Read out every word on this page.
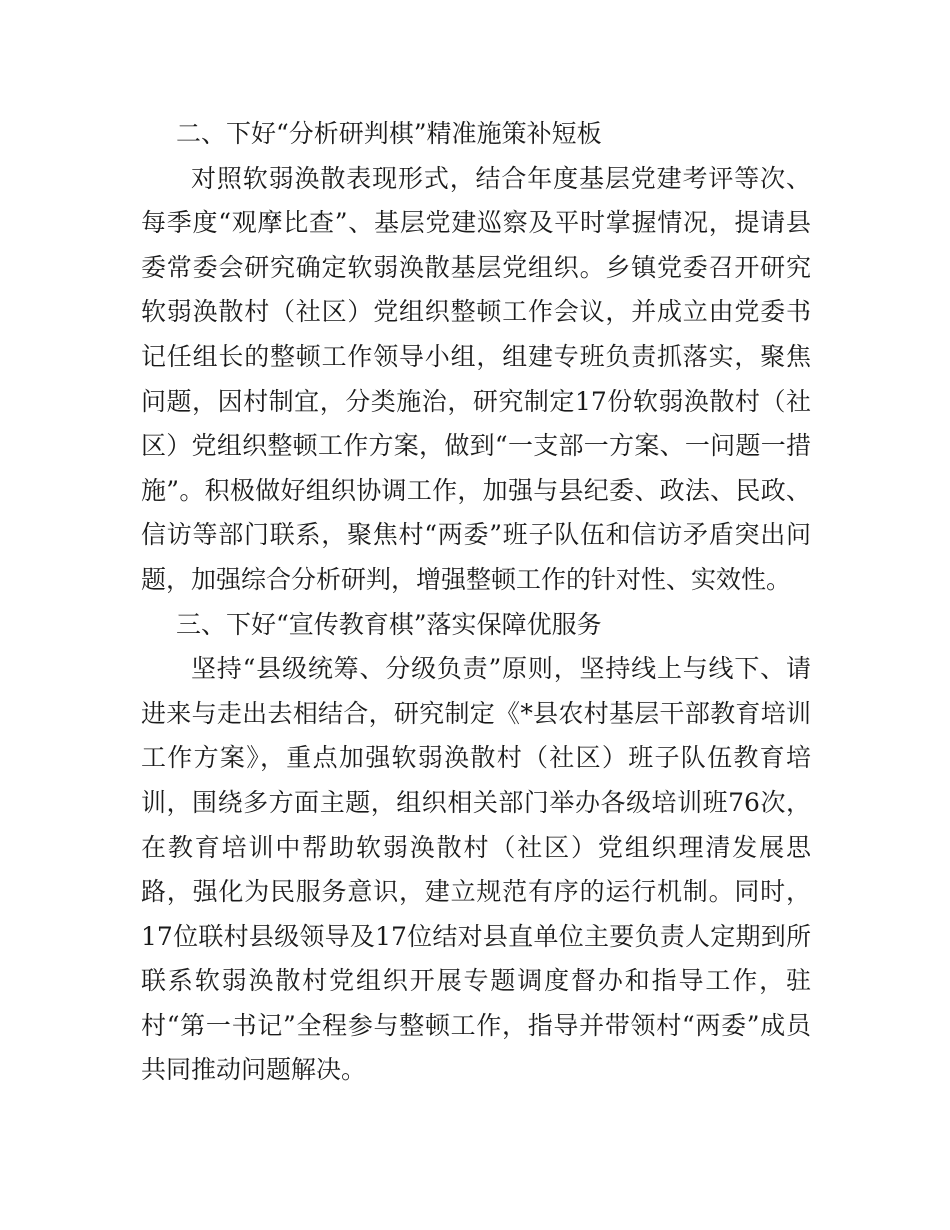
二、下好“分析研判棋”精准施策补短板

对照软弱涣散表现形式，结合年度基层党建考评等次、每季度“观摩比查”、基层党建巡察及平时掌握情况，提请县委常委会研究确定软弱涣散基层党组织。乡镇党委召开研究软弱涣散村（社区）党组织整顿工作会议，并成立由党委书记任组长的整顿工作领导小组，组建专班负责抓落实，聚焦问题，因村制宜，分类施治，研究制定17份软弱涣散村（社区）党组织整顿工作方案，做到“一支部一方案、一问题一措施”。积极做好组织协调工作，加强与县纪委、政法、民政、信访等部门联系，聚焦村“两委”班子队伍和信访矛盾突出问题，加强综合分析研判，增强整顿工作的针对性、实效性。

三、下好“宣传教育棋”落实保障优服务

坚持“县级统筹、分级负责”原则，坚持线上与线下、请进来与走出去相结合，研究制定《*县农村基层干部教育培训工作方案》，重点加强软弱涣散村（社区）班子队伍教育培训，围绕多方面主题，组织相关部门举办各级培训班76次，在教育培训中帮助软弱涣散村（社区）党组织理清发展思路，强化为民服务意识，建立规范有序的运行机制。同时，17位联村县级领导及17位结对县直单位主要负责人定期到所联系软弱涣散村党组织开展专题调度督办和指导工作，驻村“第一书记”全程参与整顿工作，指导并带领村“两委”成员共同推动问题解决。
